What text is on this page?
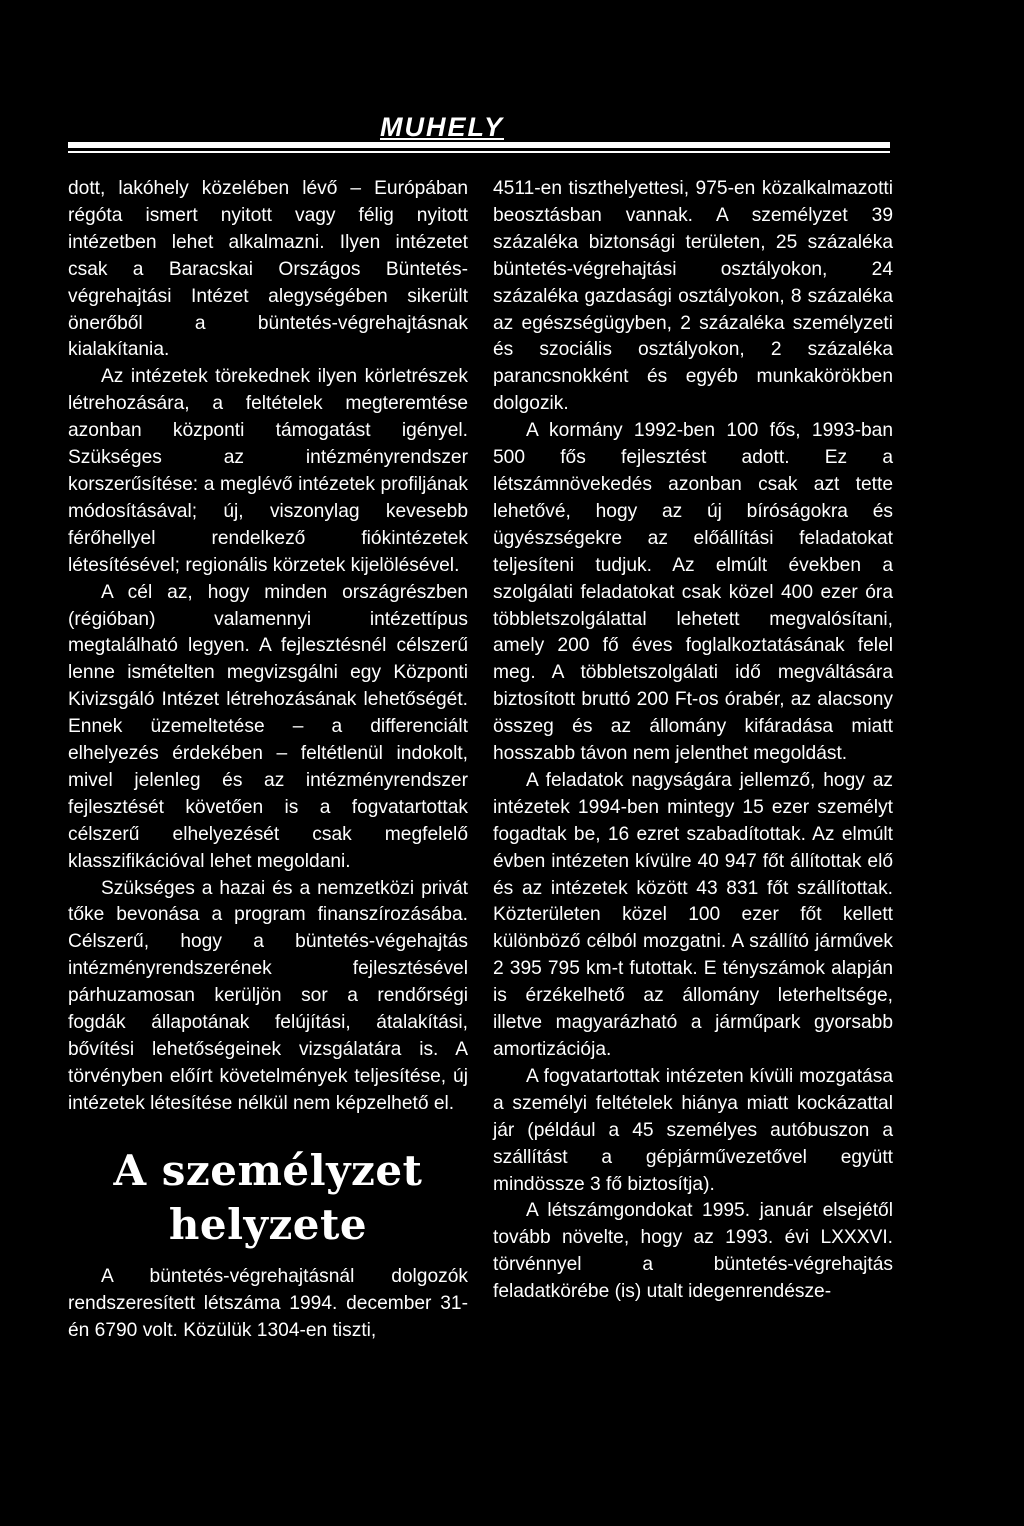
MUHELY

dott, lakóhely közelében lévő – Európában régóta ismert nyitott vagy félig nyitott intézetben lehet alkalmazni. Ilyen intézetet csak a Baracskai Országos Büntetés-végrehajtási Intézet alegységében sikerült önerőből a büntetés-végrehajtásnak kialakítania.

Az intézetek törekednek ilyen körletrészek létrehozására, a feltételek megteremtése azonban központi támogatást igényel. Szükséges az intézményrendszer korszerűsítése: a meglévő intézetek profiljának módosításával; új, viszonylag kevesebb férőhellyel rendelkező fiókintézetek létesítésével; regionális körzetek kijelölésével.

A cél az, hogy minden országrészben (régióban) valamennyi intézettípus megtalálható legyen. A fejlesztésnél célszerű lenne ismételten megvizsgálni egy Központi Kivizsgáló Intézet létrehozásának lehetőségét. Ennek üzemeltetése – a differenciált elhelyezés érdekében – feltétlenül indokolt, mivel jelenleg és az intézményrendszer fejlesztését követően is a fogvatartottak célszerű elhelyezését csak megfelelő klasszifikációval lehet megoldani.

Szükséges a hazai és a nemzetközi privát tőke bevonása a program finanszírozásába. Célszerű, hogy a büntetés-végehajtás intézményrendszerének fejlesztésével párhuzamosan kerüljön sor a rendőrségi fogdák állapotának felújítási, átalakítási, bővítési lehetőségeinek vizsgálatára is. A törvényben előírt követelmények teljesítése, új intézetek létesítése nélkül nem képzelhető el.

A személyzet
helyzete

A büntetés-végrehajtásnál dolgozók rendszeresített létszáma 1994. december 31-én 6790 volt. Közülük 1304-en tiszti,

4511-en tiszthelyettesi, 975-en közalkalmazotti beosztásban vannak. A személyzet 39 százaléka biztonsági területen, 25 százaléka büntetés-végrehajtási osztályokon, 24 százaléka gazdasági osztályokon, 8 százaléka az egészségügyben, 2 százaléka személyzeti és szociális osztályokon, 2 százaléka parancsnokként és egyéb munkakörökben dolgozik.

A kormány 1992-ben 100 fős, 1993-ban 500 fős fejlesztést adott. Ez a létszámnövekedés azonban csak azt tette lehetővé, hogy az új bíróságokra és ügyészségekre az előállítási feladatokat teljesíteni tudjuk. Az elmúlt években a szolgálati feladatokat csak közel 400 ezer óra többletszolgálattal lehetett megvalósítani, amely 200 fő éves foglalkoztatásának felel meg. A többletszolgálati idő megváltására biztosított bruttó 200 Ft-os órabér, az alacsony összeg és az állomány kifáradása miatt hosszabb távon nem jelenthet megoldást.

A feladatok nagyságára jellemző, hogy az intézetek 1994-ben mintegy 15 ezer személyt fogadtak be, 16 ezret szabadítottak. Az elmúlt évben intézeten kívülre 40 947 főt állítottak elő és az intézetek között 43 831 főt szállítottak. Közterületen közel 100 ezer főt kellett különböző célból mozgatni. A szállító járművek 2 395 795 km-t futottak. E tényszámok alapján is érzékelhető az állomány leterheltsége, illetve magyarázható a járműpark gyorsabb amortizációja.

A fogvatartottak intézeten kívüli mozgatása a személyi feltételek hiánya miatt kockázattal jár (például a 45 személyes autóbuszon a szállítást a gépjárművezetővel együtt mindössze 3 fő biztosítja).

A létszámgondokat 1995. január elsejétől tovább növelte, hogy az 1993. évi LXXXVI. törvénnyel a büntetés-végrehajtás feladatkörébe (is) utalt idegenrendésze-
